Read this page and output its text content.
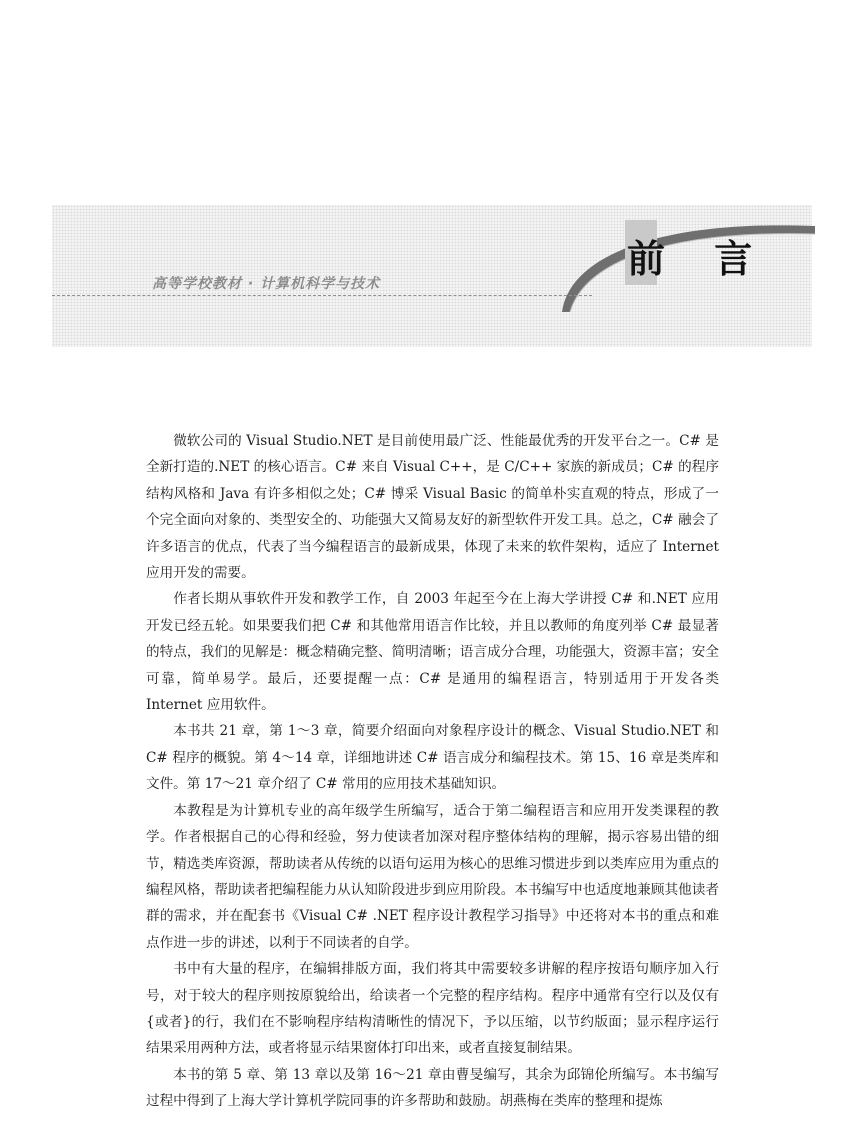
高等学校教材 · 计算机科学与技术
前 言

微软公司的 Visual Studio.NET 是目前使用最广泛、性能最优秀的开发平台之一。C# 是全新打造的.NET 的核心语言。C# 来自 Visual C++，是 C/C++ 家族的新成员；C# 的程序结构风格和 Java 有许多相似之处；C# 博采 Visual Basic 的简单朴实直观的特点，形成了一个完全面向对象的、类型安全的、功能强大又简易友好的新型软件开发工具。总之，C# 融会了许多语言的优点，代表了当今编程语言的最新成果，体现了未来的软件架构，适应了 Internet 应用开发的需要。

作者长期从事软件开发和教学工作，自 2003 年起至今在上海大学讲授 C# 和.NET 应用开发已经五轮。如果要我们把 C# 和其他常用语言作比较，并且以教师的角度列举 C# 最显著的特点，我们的见解是：概念精确完整、简明清晰；语言成分合理，功能强大，资源丰富；安全可靠，简单易学。最后，还要提醒一点：C# 是通用的编程语言，特别适用于开发各类 Internet 应用软件。

本书共 21 章，第 1～3 章，简要介绍面向对象程序设计的概念、Visual Studio.NET 和 C# 程序的概貌。第 4～14 章，详细地讲述 C# 语言成分和编程技术。第 15、16 章是类库和文件。第 17～21 章介绍了 C# 常用的应用技术基础知识。

本教程是为计算机专业的高年级学生所编写，适合于第二编程语言和应用开发类课程的教学。作者根据自己的心得和经验，努力使读者加深对程序整体结构的理解，揭示容易出错的细节，精选类库资源，帮助读者从传统的以语句运用为核心的思维习惯进步到以类库应用为重点的编程风格，帮助读者把编程能力从认知阶段进步到应用阶段。本书编写中也适度地兼顾其他读者群的需求，并在配套书《Visual C# .NET 程序设计教程学习指导》中还将对本书的重点和难点作进一步的讲述，以利于不同读者的自学。

书中有大量的程序，在编辑排版方面，我们将其中需要较多讲解的程序按语句顺序加入行号，对于较大的程序则按原貌给出，给读者一个完整的程序结构。程序中通常有空行以及仅有{或者}的行，我们在不影响程序结构清晰性的情况下，予以压缩，以节约版面；显示程序运行结果采用两种方法，或者将显示结果窗体打印出来，或者直接复制结果。

本书的第 5 章、第 13 章以及第 16～21 章由曹旻编写，其余为邱锦伦所编写。本书编写过程中得到了上海大学计算机学院同事的许多帮助和鼓励。胡燕梅在类库的整理和提炼
